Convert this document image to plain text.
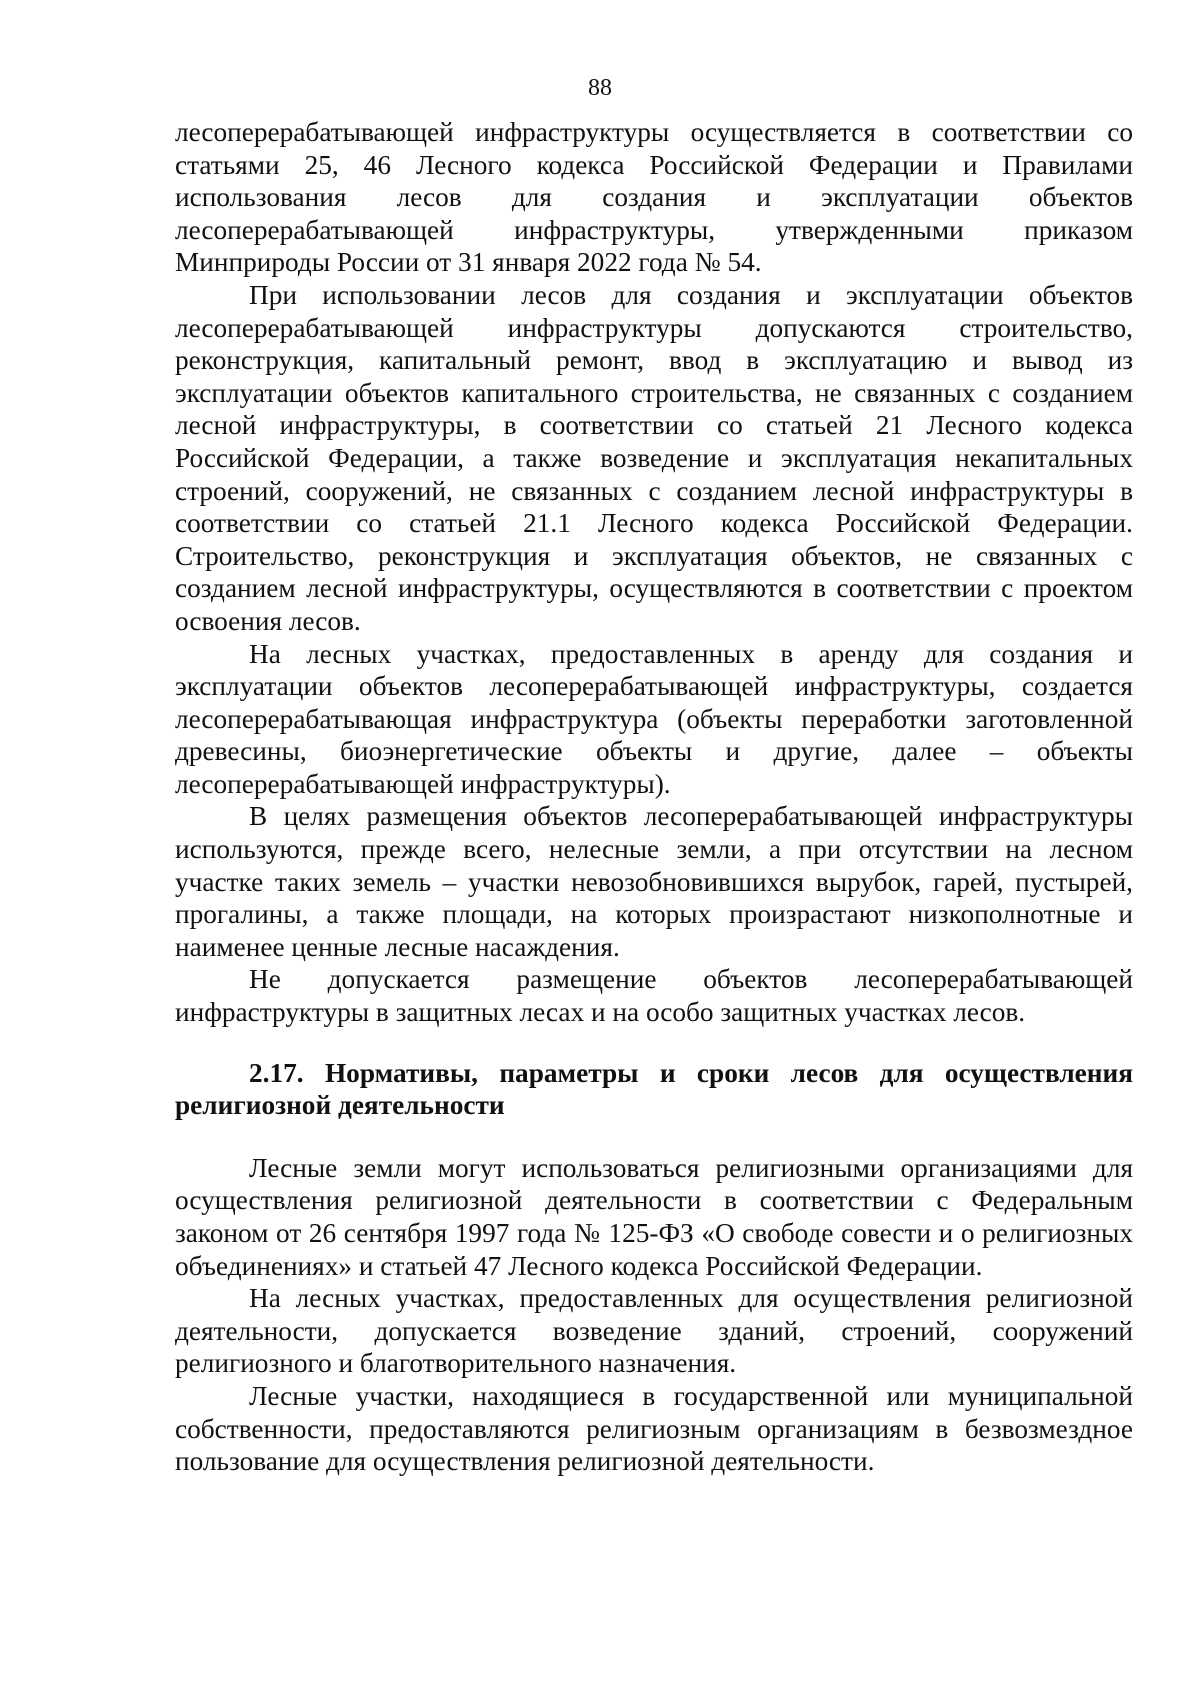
88

лесоперерабатывающей инфраструктуры осуществляется в соответствии со статьями 25, 46 Лесного кодекса Российской Федерации и Правилами использования лесов для создания и эксплуатации объектов лесоперерабатывающей инфраструктуры, утвержденными приказом Минприроды России от 31 января 2022 года № 54.

При использовании лесов для создания и эксплуатации объектов лесоперерабатывающей инфраструктуры допускаются строительство, реконструкция, капитальный ремонт, ввод в эксплуатацию и вывод из эксплуатации объектов капитального строительства, не связанных с созданием лесной инфраструктуры, в соответствии со статьей 21 Лесного кодекса Российской Федерации, а также возведение и эксплуатация некапитальных строений, сооружений, не связанных с созданием лесной инфраструктуры в соответствии со статьей 21.1 Лесного кодекса Российской Федерации. Строительство, реконструкция и эксплуатация объектов, не связанных с созданием лесной инфраструктуры, осуществляются в соответствии с проектом освоения лесов.

На лесных участках, предоставленных в аренду для создания и эксплуатации объектов лесоперерабатывающей инфраструктуры, создается лесоперерабатывающая инфраструктура (объекты переработки заготовленной древесины, биоэнергетические объекты и другие, далее – объекты лесоперерабатывающей инфраструктуры).

В целях размещения объектов лесоперерабатывающей инфраструктуры используются, прежде всего, нелесные земли, а при отсутствии на лесном участке таких земель – участки невозобновившихся вырубок, гарей, пустырей, прогалины, а также площади, на которых произрастают низкополнотные и наименее ценные лесные насаждения.

Не допускается размещение объектов лесоперерабатывающей инфраструктуры в защитных лесах и на особо защитных участках лесов.

2.17. Нормативы, параметры и сроки лесов для осуществления религиозной деятельности

Лесные земли могут использоваться религиозными организациями для осуществления религиозной деятельности в соответствии с Федеральным законом от 26 сентября 1997 года № 125-ФЗ «О свободе совести и о религиозных объединениях» и статьей 47 Лесного кодекса Российской Федерации.

На лесных участках, предоставленных для осуществления религиозной деятельности, допускается возведение зданий, строений, сооружений религиозного и благотворительного назначения.

Лесные участки, находящиеся в государственной или муниципальной собственности, предоставляются религиозным организациям в безвозмездное пользование для осуществления религиозной деятельности.
